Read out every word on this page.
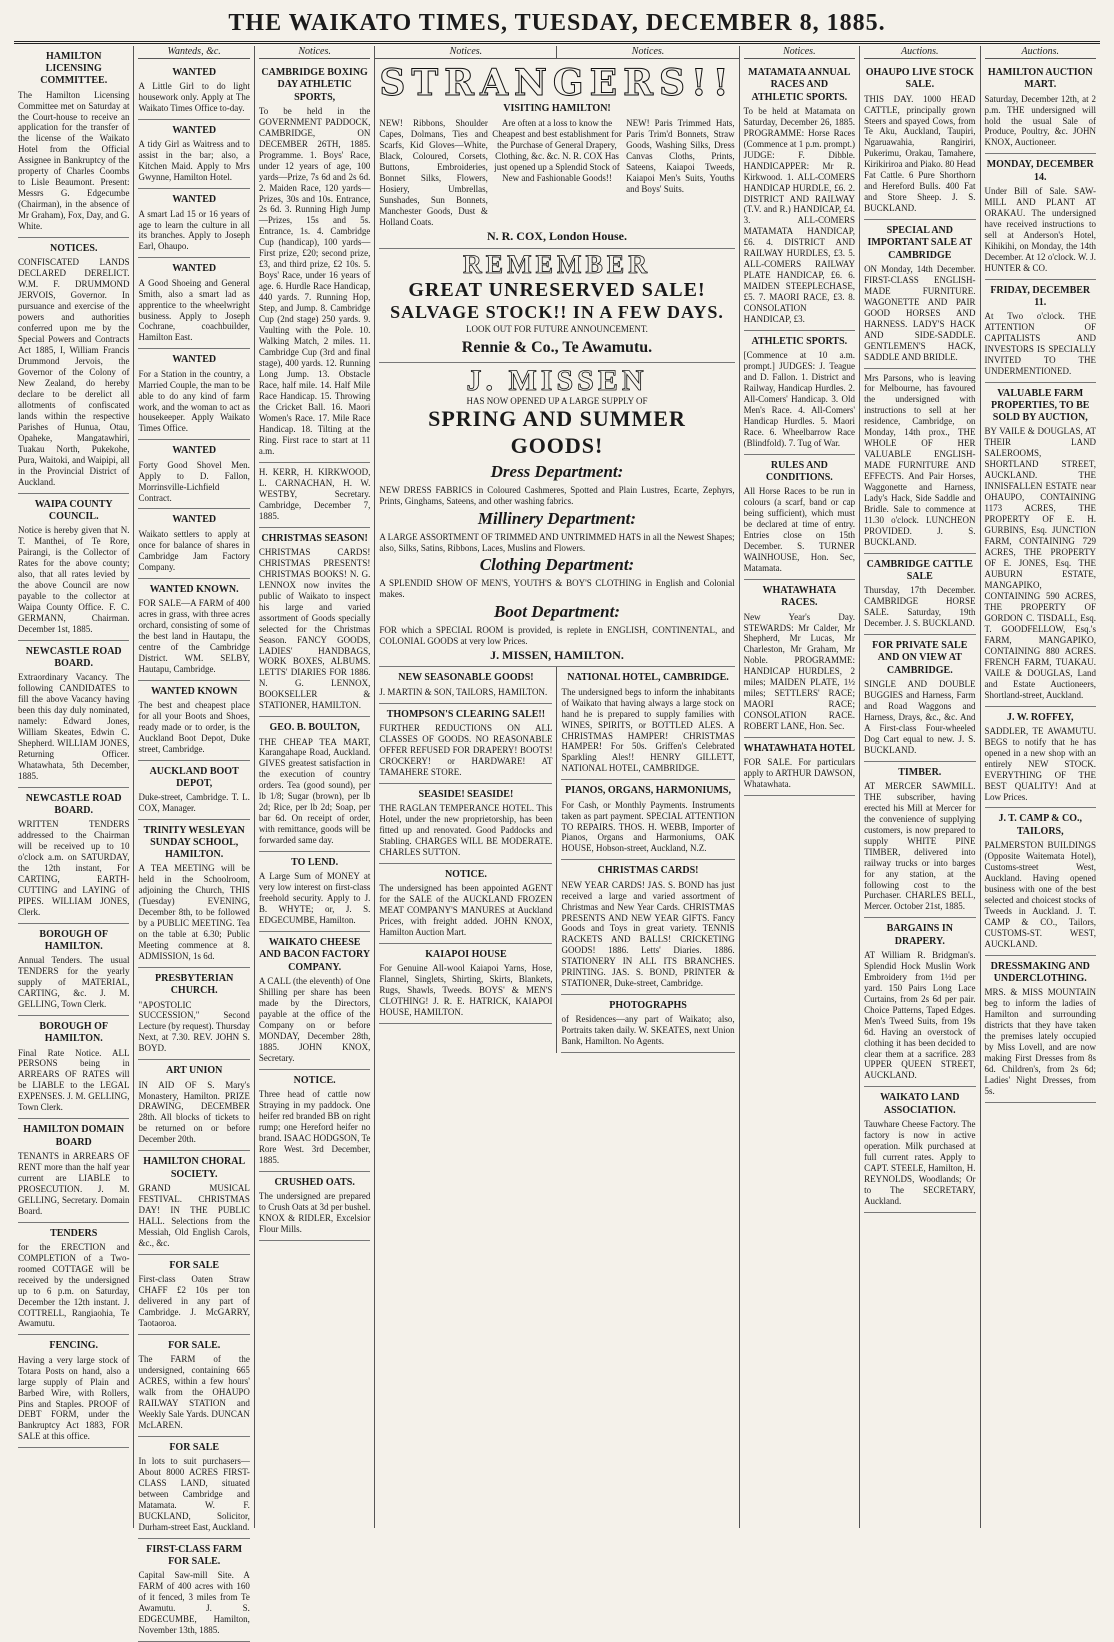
THE WAIKATO TIMES, TUESDAY, DECEMBER 8, 1885.
HAMILTON LICENSING COMMITTEE.

The Hamilton Licensing Committee met on Saturday at the Court-house to receive an application for the transfer of the license of the Waikato Hotel from the Official Assignee in Bankruptcy of the property of Charles Coombs to Lisle Beaumont. Present: Messrs G. Edgecumbe (Chairman), in the absence of Mr Graham), Fox, Day, and G. White.

NOTICES.

CONFISCATED LANDS DECLARED DERELICT. W.M. F. DRUMMOND JERVOIS, Governor. In pursuance and exercise of the powers and authorities conferred upon me by the Special Powers and Contracts Act 1885, I, William Francis Drummond Jervois, the Governor of the Colony of New Zealand, do hereby declare to be derelict all allotments of confiscated lands within the respective Parishes of Hunua, Otau, Opaheke, Mangatawhiri, Tuakau North, Pukekohe, Pura, Waitoki, and Waipipi, all in the Provincial District of Auckland.

WAIPA COUNTY COUNCIL.

Notice is hereby given that N. T. Manthei, of Te Rore, Pairangi, is the Collector of Rates for the above county; also, that all rates levied by the above Council are now payable to the collector at Waipa County Office. F. C. GERMANN, Chairman. December 1st, 1885.

NEWCASTLE ROAD BOARD.

Extraordinary Vacancy. The following CANDIDATES to fill the above Vacancy having been this day duly nominated, namely: Edward Jones, William Skeates, Edwin C. Shepherd. WILLIAM JONES, Returning Officer. Whatawhata, 5th December, 1885.

NEWCASTLE ROAD BOARD.

WRITTEN TENDERS addressed to the Chairman will be received up to 10 o'clock a.m. on SATURDAY, the 12th instant, For CARTING, EARTH-CUTTING and LAYING of PIPES. WILLIAM JONES, Clerk.

BOROUGH OF HAMILTON.

Annual Tenders. The usual TENDERS for the yearly supply of MATERIAL, CARTING, &c. J. M. GELLING, Town Clerk.

BOROUGH OF HAMILTON.

Final Rate Notice. ALL PERSONS being in ARREARS OF RATES will be LIABLE to the LEGAL EXPENSES. J. M. GELLING, Town Clerk.

HAMILTON DOMAIN BOARD

TENANTS in ARREARS OF RENT more than the half year current are LIABLE to PROSECUTION. J. M. GELLING, Secretary. Domain Board.

TENDERS

for the ERECTION and COMPLETION of a Two-roomed COTTAGE will be received by the undersigned up to 6 p.m. on Saturday, December the 12th instant. J. COTTRELL, Rangiaohia, Te Awamutu.

FENCING.

Having a very large stock of Totara Posts on hand, also a large supply of Plain and Barbed Wire, with Rollers, Pins and Staples. PROOF of DEBT FORM, under the Bankruptcy Act 1883, FOR SALE at this office.

Wanteds, &c.
WANTED

A Little Girl to do light housework only. Apply at The Waikato Times Office to-day.

WANTED

A tidy Girl as Waitress and to assist in the bar; also, a Kitchen Maid. Apply to Mrs Gwynne, Hamilton Hotel.

WANTED

A smart Lad 15 or 16 years of age to learn the culture in all its branches. Apply to Joseph Earl, Ohaupo.

WANTED

A Good Shoeing and General Smith, also a smart lad as apprentice to the wheelwright business. Apply to Joseph Cochrane, coachbuilder, Hamilton East.

WANTED

For a Station in the country, a Married Couple, the man to be able to do any kind of farm work, and the woman to act as housekeeper. Apply Waikato Times Office.

WANTED

Forty Good Shovel Men. Apply to D. Fallon, Morrinsville-Lichfield Contract.

WANTED

Waikato settlers to apply at once for balance of shares in Cambridge Jam Factory Company.

WANTED KNOWN.

FOR SALE—A FARM of 400 acres in grass, with three acres orchard, consisting of some of the best land in Hautapu, the centre of the Cambridge District. WM. SELBY, Hautapu, Cambridge.

WANTED KNOWN

The best and cheapest place for all your Boots and Shoes, ready made or to order, is the Auckland Boot Depot, Duke street, Cambridge.

AUCKLAND BOOT DEPOT,

Duke-street, Cambridge. T. L. COX, Manager.

TRINITY WESLEYAN SUNDAY SCHOOL, HAMILTON.

A TEA MEETING will be held in the Schoolroom, adjoining the Church, THIS (Tuesday) EVENING, December 8th, to be followed by a PUBLIC MEETING. Tea on the table at 6.30; Public Meeting commence at 8. ADMISSION, 1s 6d.

PRESBYTERIAN CHURCH.

"APOSTOLIC SUCCESSION," Second Lecture (by request). Thursday Next, at 7.30. REV. JOHN S. BOYD.

ART UNION

IN AID OF S. Mary's Monastery, Hamilton. PRIZE DRAWING, DECEMBER 28th. All blocks of tickets to be returned on or before December 20th.

HAMILTON CHORAL SOCIETY.

GRAND MUSICAL FESTIVAL. CHRISTMAS DAY! IN THE PUBLIC HALL. Selections from the Messiah, Old English Carols, &c., &c.

FOR SALE

First-class Oaten Straw CHAFF £2 10s per ton delivered in any part of Cambridge. J. McGARRY, Taotaoroa.

FOR SALE.

The FARM of the undersigned, containing 665 ACRES, within a few hours' walk from the OHAUPO RAILWAY STATION and Weekly Sale Yards. DUNCAN McLAREN.

FOR SALE

In lots to suit purchasers—About 8000 ACRES FIRST-CLASS LAND, situated between Cambridge and Matamata. W. F. BUCKLAND, Solicitor, Durham-street East, Auckland.

FIRST-CLASS FARM FOR SALE.

Capital Saw-mill Site. A FARM of 400 acres with 160 of it fenced, 3 miles from Te Awamutu. J. S. EDGECUMBE, Hamilton, November 13th, 1885.

Notices.
CAMBRIDGE BOXING DAY ATHLETIC SPORTS,

To be held in the GOVERNMENT PADDOCK, CAMBRIDGE, ON DECEMBER 26TH, 1885. Programme. 1. Boys' Race, under 12 years of age, 100 yards—Prize, 7s 6d and 2s 6d. 2. Maiden Race, 120 yards—Prizes, 30s and 10s. Entrance, 2s 6d. 3. Running High Jump—Prizes, 15s and 5s. Entrance, 1s. 4. Cambridge Cup (handicap), 100 yards—First prize, £20; second prize, £3, and third prize, £2 10s. 5. Boys' Race, under 16 years of age. 6. Hurdle Race Handicap, 440 yards. 7. Running Hop, Step, and Jump. 8. Cambridge Cup (2nd stage) 250 yards. 9. Vaulting with the Pole. 10. Walking Match, 2 miles. 11. Cambridge Cup (3rd and final stage), 400 yards. 12. Running Long Jump. 13. Obstacle Race, half mile. 14. Half Mile Race Handicap. 15. Throwing the Cricket Ball. 16. Maori Women's Race. 17. Mile Race Handicap. 18. Tilting at the Ring. First race to start at 11 a.m.

H. KERR, H. KIRKWOOD, L. CARNACHAN, H. W. WESTBY, Secretary. Cambridge, December 7, 1885.

CHRISTMAS SEASON!

CHRISTMAS CARDS! CHRISTMAS PRESENTS! CHRISTMAS BOOKS! N. G. LENNOX now invites the public of Waikato to inspect his large and varied assortment of Goods specially selected for the Christmas Season. FANCY GOODS, LADIES' HANDBAGS, WORK BOXES, ALBUMS. LETTS' DIARIES FOR 1886. N. G. LENNOX, BOOKSELLER & STATIONER, HAMILTON.

GEO. B. BOULTON,

THE CHEAP TEA MART, Karangahape Road, Auckland. GIVES greatest satisfaction in the execution of country orders. Tea (good sound), per lb 1/8; Sugar (brown), per lb 2d; Rice, per lb 2d; Soap, per bar 6d. On receipt of order, with remittance, goods will be forwarded same day.

TO LEND.

A Large Sum of MONEY at very low interest on first-class freehold security. Apply to J. B. WHYTE; or, J. S. EDGECUMBE, Hamilton.

WAIKATO CHEESE AND BACON FACTORY COMPANY.

A CALL (the eleventh) of One Shilling per share has been made by the Directors, payable at the office of the Company on or before MONDAY, December 28th, 1885. JOHN KNOX, Secretary.

NOTICE.

Three head of cattle now Straying in my paddock. One heifer red branded BB on right rump; one Hereford heifer no brand. ISAAC HODGSON, Te Rore West. 3rd December, 1885.

CRUSHED OATS.

The undersigned are prepared to Crush Oats at 3d per bushel. KNOX & RIDLER, Excelsior Flour Mills.

Notices.	Notices.
STRANGERS!!
VISITING HAMILTON!

NEW! Ribbons, Shoulder Capes, Dolmans, Ties and Scarfs, Kid Gloves—White, Black, Coloured, Corsets, Buttons, Embroideries, Bonnet Silks, Flowers, Hosiery, Umbrellas, Sunshades, Sun Bonnets, Manchester Goods, Dust & Holland Coats.

Are often at a loss to know the Cheapest and best establishment for the Purchase of General Drapery, Clothing, &c. &c. N. R. COX Has just opened up a Splendid Stock of New and Fashionable Goods!!

NEW! Paris Trimmed Hats, Paris Trim'd Bonnets, Straw Goods, Washing Silks, Dress Canvas Cloths, Prints, Sateens, Kaiapoi Tweeds, Kaiapoi Men's Suits, Youths and Boys' Suits.

N. R. COX, London House.
REMEMBER
GREAT UNRESERVED SALE!
SALVAGE STOCK!! IN A FEW DAYS.
LOOK OUT FOR FUTURE ANNOUNCEMENT.
Rennie & Co., Te Awamutu.
J. MISSEN
HAS NOW OPENED UP A LARGE SUPPLY OF
SPRING AND SUMMER GOODS!
Dress Department:

NEW DRESS FABRICS in Coloured Cashmeres, Spotted and Plain Lustres, Ecarte, Zephyrs, Prints, Ginghams, Sateens, and other washing fabrics.

Millinery Department:

A LARGE ASSORTMENT OF TRIMMED AND UNTRIMMED HATS in all the Newest Shapes; also, Silks, Satins, Ribbons, Laces, Muslins and Flowers.

Clothing Department:

A SPLENDID SHOW OF MEN'S, YOUTH'S & BOY'S CLOTHING in English and Colonial makes.

Boot Department:

FOR which a SPECIAL ROOM is provided, is replete in ENGLISH, CONTINENTAL, and COLONIAL GOODS at very low Prices.

J. MISSEN, HAMILTON.
NEW SEASONABLE GOODS!

J. MARTIN & SON, TAILORS, HAMILTON.

THOMPSON'S CLEARING SALE!!

FURTHER REDUCTIONS ON ALL CLASSES OF GOODS. NO REASONABLE OFFER REFUSED FOR DRAPERY! BOOTS! CROCKERY! or HARDWARE! AT TAMAHERE STORE.

SEASIDE! SEASIDE!

THE RAGLAN TEMPERANCE HOTEL. This Hotel, under the new proprietorship, has been fitted up and renovated. Good Paddocks and Stabling. CHARGES WILL BE MODERATE. CHARLES SUTTON.

NOTICE.

The undersigned has been appointed AGENT for the SALE of the AUCKLAND FROZEN MEAT COMPANY'S MANURES at Auckland Prices, with freight added. JOHN KNOX, Hamilton Auction Mart.

KAIAPOI HOUSE

For Genuine All-wool Kaiapoi Yarns, Hose, Flannel, Singlets, Shirting, Skirts, Blankets, Rugs, Shawls, Tweeds. BOYS' & MEN'S CLOTHING! J. R. E. HATRICK, KAIAPOI HOUSE, HAMILTON.

NATIONAL HOTEL, CAMBRIDGE.

The undersigned begs to inform the inhabitants of Waikato that having always a large stock on hand he is prepared to supply families with WINES, SPIRITS, or BOTTLED ALES. A CHRISTMAS HAMPER! CHRISTMAS HAMPER! For 50s. Griffen's Celebrated Sparkling Ales!! HENRY GILLETT, NATIONAL HOTEL, CAMBRIDGE.

PIANOS, ORGANS, HARMONIUMS,

For Cash, or Monthly Payments. Instruments taken as part payment. SPECIAL ATTENTION TO REPAIRS. THOS. H. WEBB, Importer of Pianos, Organs and Harmoniums, OAK HOUSE, Hobson-street, Auckland, N.Z.

CHRISTMAS CARDS!

NEW YEAR CARDS! JAS. S. BOND has just received a large and varied assortment of Christmas and New Year Cards. CHRISTMAS PRESENTS AND NEW YEAR GIFTS. Fancy Goods and Toys in great variety. TENNIS RACKETS AND BALLS! CRICKETING GOODS! 1886. Letts' Diaries. 1886. STATIONERY IN ALL ITS BRANCHES. PRINTING. JAS. S. BOND, PRINTER & STATIONER, Duke-street, Cambridge.

PHOTOGRAPHS

of Residences—any part of Waikato; also, Portraits taken daily. W. SKEATES, next Union Bank, Hamilton. No Agents.

Notices.
MATAMATA ANNUAL RACES AND ATHLETIC SPORTS.

To be held at Matamata on Saturday, December 26, 1885. PROGRAMME: Horse Races (Commence at 1 p.m. prompt.) JUDGE: F. Dibble. HANDICAPPER: Mr R. Kirkwood. 1. ALL-COMERS HANDICAP HURDLE, £6. 2. DISTRICT AND RAILWAY (T.V. and R.) HANDICAP, £4. 3. ALL-COMERS MATAMATA HANDICAP, £6. 4. DISTRICT AND RAILWAY HURDLES, £3. 5. ALL-COMERS RAILWAY PLATE HANDICAP, £6. 6. MAIDEN STEEPLECHASE, £5. 7. MAORI RACE, £3. 8. CONSOLATION HANDICAP, £3.

ATHLETIC SPORTS.

[Commence at 10 a.m. prompt.] JUDGES: J. Teague and D. Fallon. 1. District and Railway, Handicap Hurdles. 2. All-Comers' Handicap. 3. Old Men's Race. 4. All-Comers' Handicap Hurdles. 5. Maori Race. 6. Wheelbarrow Race (Blindfold). 7. Tug of War.

RULES AND CONDITIONS.

All Horse Races to be run in colours (a scarf, band or cap being sufficient), which must be declared at time of entry. Entries close on 15th December. S. TURNER WAINHOUSE, Hon. Sec, Matamata.

WHATAWHATA RACES.

New Year's Day. STEWARDS: Mr Calder, Mr Shepherd, Mr Lucas, Mr Charleston, Mr Graham, Mr Noble. PROGRAMME: HANDICAP HURDLES, 2 miles; MAIDEN PLATE, 1½ miles; SETTLERS' RACE; MAORI RACE; CONSOLATION RACE. ROBERT LANE, Hon. Sec.

WHATAWHATA HOTEL

FOR SALE. For particulars apply to ARTHUR DAWSON, Whatawhata.

Auctions.
OHAUPO LIVE STOCK SALE.

THIS DAY. 1000 HEAD CATTLE, principally grown Steers and spayed Cows, from Te Aku, Auckland, Taupiri, Ngaruawahia, Rangiriri, Pukerimu, Orakau, Tamahere, Kirikiriroa and Piako. 80 Head Fat Cattle. 6 Pure Shorthorn and Hereford Bulls. 400 Fat and Store Sheep. J. S. BUCKLAND.

SPECIAL AND IMPORTANT SALE AT CAMBRIDGE

ON Monday, 14th December. FIRST-CLASS ENGLISH-MADE FURNITURE. WAGONETTE AND PAIR GOOD HORSES AND HARNESS. LADY'S HACK AND SIDE-SADDLE. GENTLEMEN'S HACK, SADDLE AND BRIDLE.

Mrs Parsons, who is leaving for Melbourne, has favoured the undersigned with instructions to sell at her residence, Cambridge, on Monday, 14th prox., THE WHOLE OF HER VALUABLE ENGLISH-MADE FURNITURE AND EFFECTS. And Pair Horses, Waggonette and Harness, Lady's Hack, Side Saddle and Bridle. Sale to commence at 11.30 o'clock. LUNCHEON PROVIDED. J. S. BUCKLAND.

CAMBRIDGE CATTLE SALE

Thursday, 17th December. CAMBRIDGE HORSE SALE. Saturday, 19th December. J. S. BUCKLAND.

FOR PRIVATE SALE AND ON VIEW AT CAMBRIDGE.

SINGLE AND DOUBLE BUGGIES and Harness, Farm and Road Waggons and Harness, Drays, &c., &c. And A First-class Four-wheeled Dog Cart equal to new. J. S. BUCKLAND.

TIMBER.

AT MERCER SAWMILL. THE subscriber, having erected his Mill at Mercer for the convenience of supplying customers, is now prepared to supply WHITE PINE TIMBER, delivered into railway trucks or into barges for any station, at the following cost to the Purchaser. CHARLES BELL, Mercer. October 21st, 1885.

BARGAINS IN DRAPERY.

AT William R. Bridgman's. Splendid Hock Muslin Work Embroidery from 1½d per yard. 150 Pairs Long Lace Curtains, from 2s 6d per pair. Choice Patterns, Taped Edges. Men's Tweed Suits, from 19s 6d. Having an overstock of clothing it has been decided to clear them at a sacrifice. 283 UPPER QUEEN STREET, AUCKLAND.

WAIKATO LAND ASSOCIATION.

Tauwhare Cheese Factory. The factory is now in active operation. Milk purchased at full current rates. Apply to CAPT. STEELE, Hamilton, H. REYNOLDS, Woodlands; Or to The SECRETARY, Auckland.

Auctions.
HAMILTON AUCTION MART.

Saturday, December 12th, at 2 p.m. THE undersigned will hold the usual Sale of Produce, Poultry, &c. JOHN KNOX, Auctioneer.

MONDAY, DECEMBER 14.

Under Bill of Sale. SAW-MILL AND PLANT AT ORAKAU. The undersigned have received instructions to sell at Anderson's Hotel, Kihikihi, on Monday, the 14th December. At 12 o'clock. W. J. HUNTER & CO.

FRIDAY, DECEMBER 11.

At Two o'clock. THE ATTENTION OF CAPITALISTS AND INVESTORS IS SPECIALLY INVITED TO THE UNDERMENTIONED.

VALUABLE FARM PROPERTIES, TO BE SOLD BY AUCTION,

BY VAILE & DOUGLAS, AT THEIR LAND SALEROOMS, SHORTLAND STREET, AUCKLAND. THE INNISFALLEN ESTATE near OHAUPO, CONTAINING 1173 ACRES, THE PROPERTY OF E. H. GURBINS, Esq. JUNCTION FARM, CONTAINING 729 ACRES, THE PROPERTY OF E. JONES, Esq. THE AUBURN ESTATE, MANGAPIKO, CONTAINING 590 ACRES, THE PROPERTY OF GORDON C. TISDALL, Esq. T. GOODFELLOW, Esq.'s FARM, MANGAPIKO, CONTAINING 880 ACRES. FRENCH FARM, TUAKAU. VAILE & DOUGLAS, Land and Estate Auctioneers, Shortland-street, Auckland.

J. W. ROFFEY,

SADDLER, TE AWAMUTU. BEGS to notify that he has opened in a new shop with an entirely NEW STOCK. EVERYTHING OF THE BEST QUALITY! And at Low Prices.

J. T. CAMP & CO., TAILORS,

PALMERSTON BUILDINGS (Opposite Waitemata Hotel), Customs-street West, Auckland. Having opened business with one of the best selected and choicest stocks of Tweeds in Auckland. J. T. CAMP & CO., Tailors, CUSTOMS-ST. WEST, AUCKLAND.

DRESSMAKING AND UNDERCLOTHING.

MRS. & MISS MOUNTAIN beg to inform the ladies of Hamilton and surrounding districts that they have taken the premises lately occupied by Miss Lovell, and are now making First Dresses from 8s 6d. Children's, from 2s 6d; Ladies' Night Dresses, from 5s.
